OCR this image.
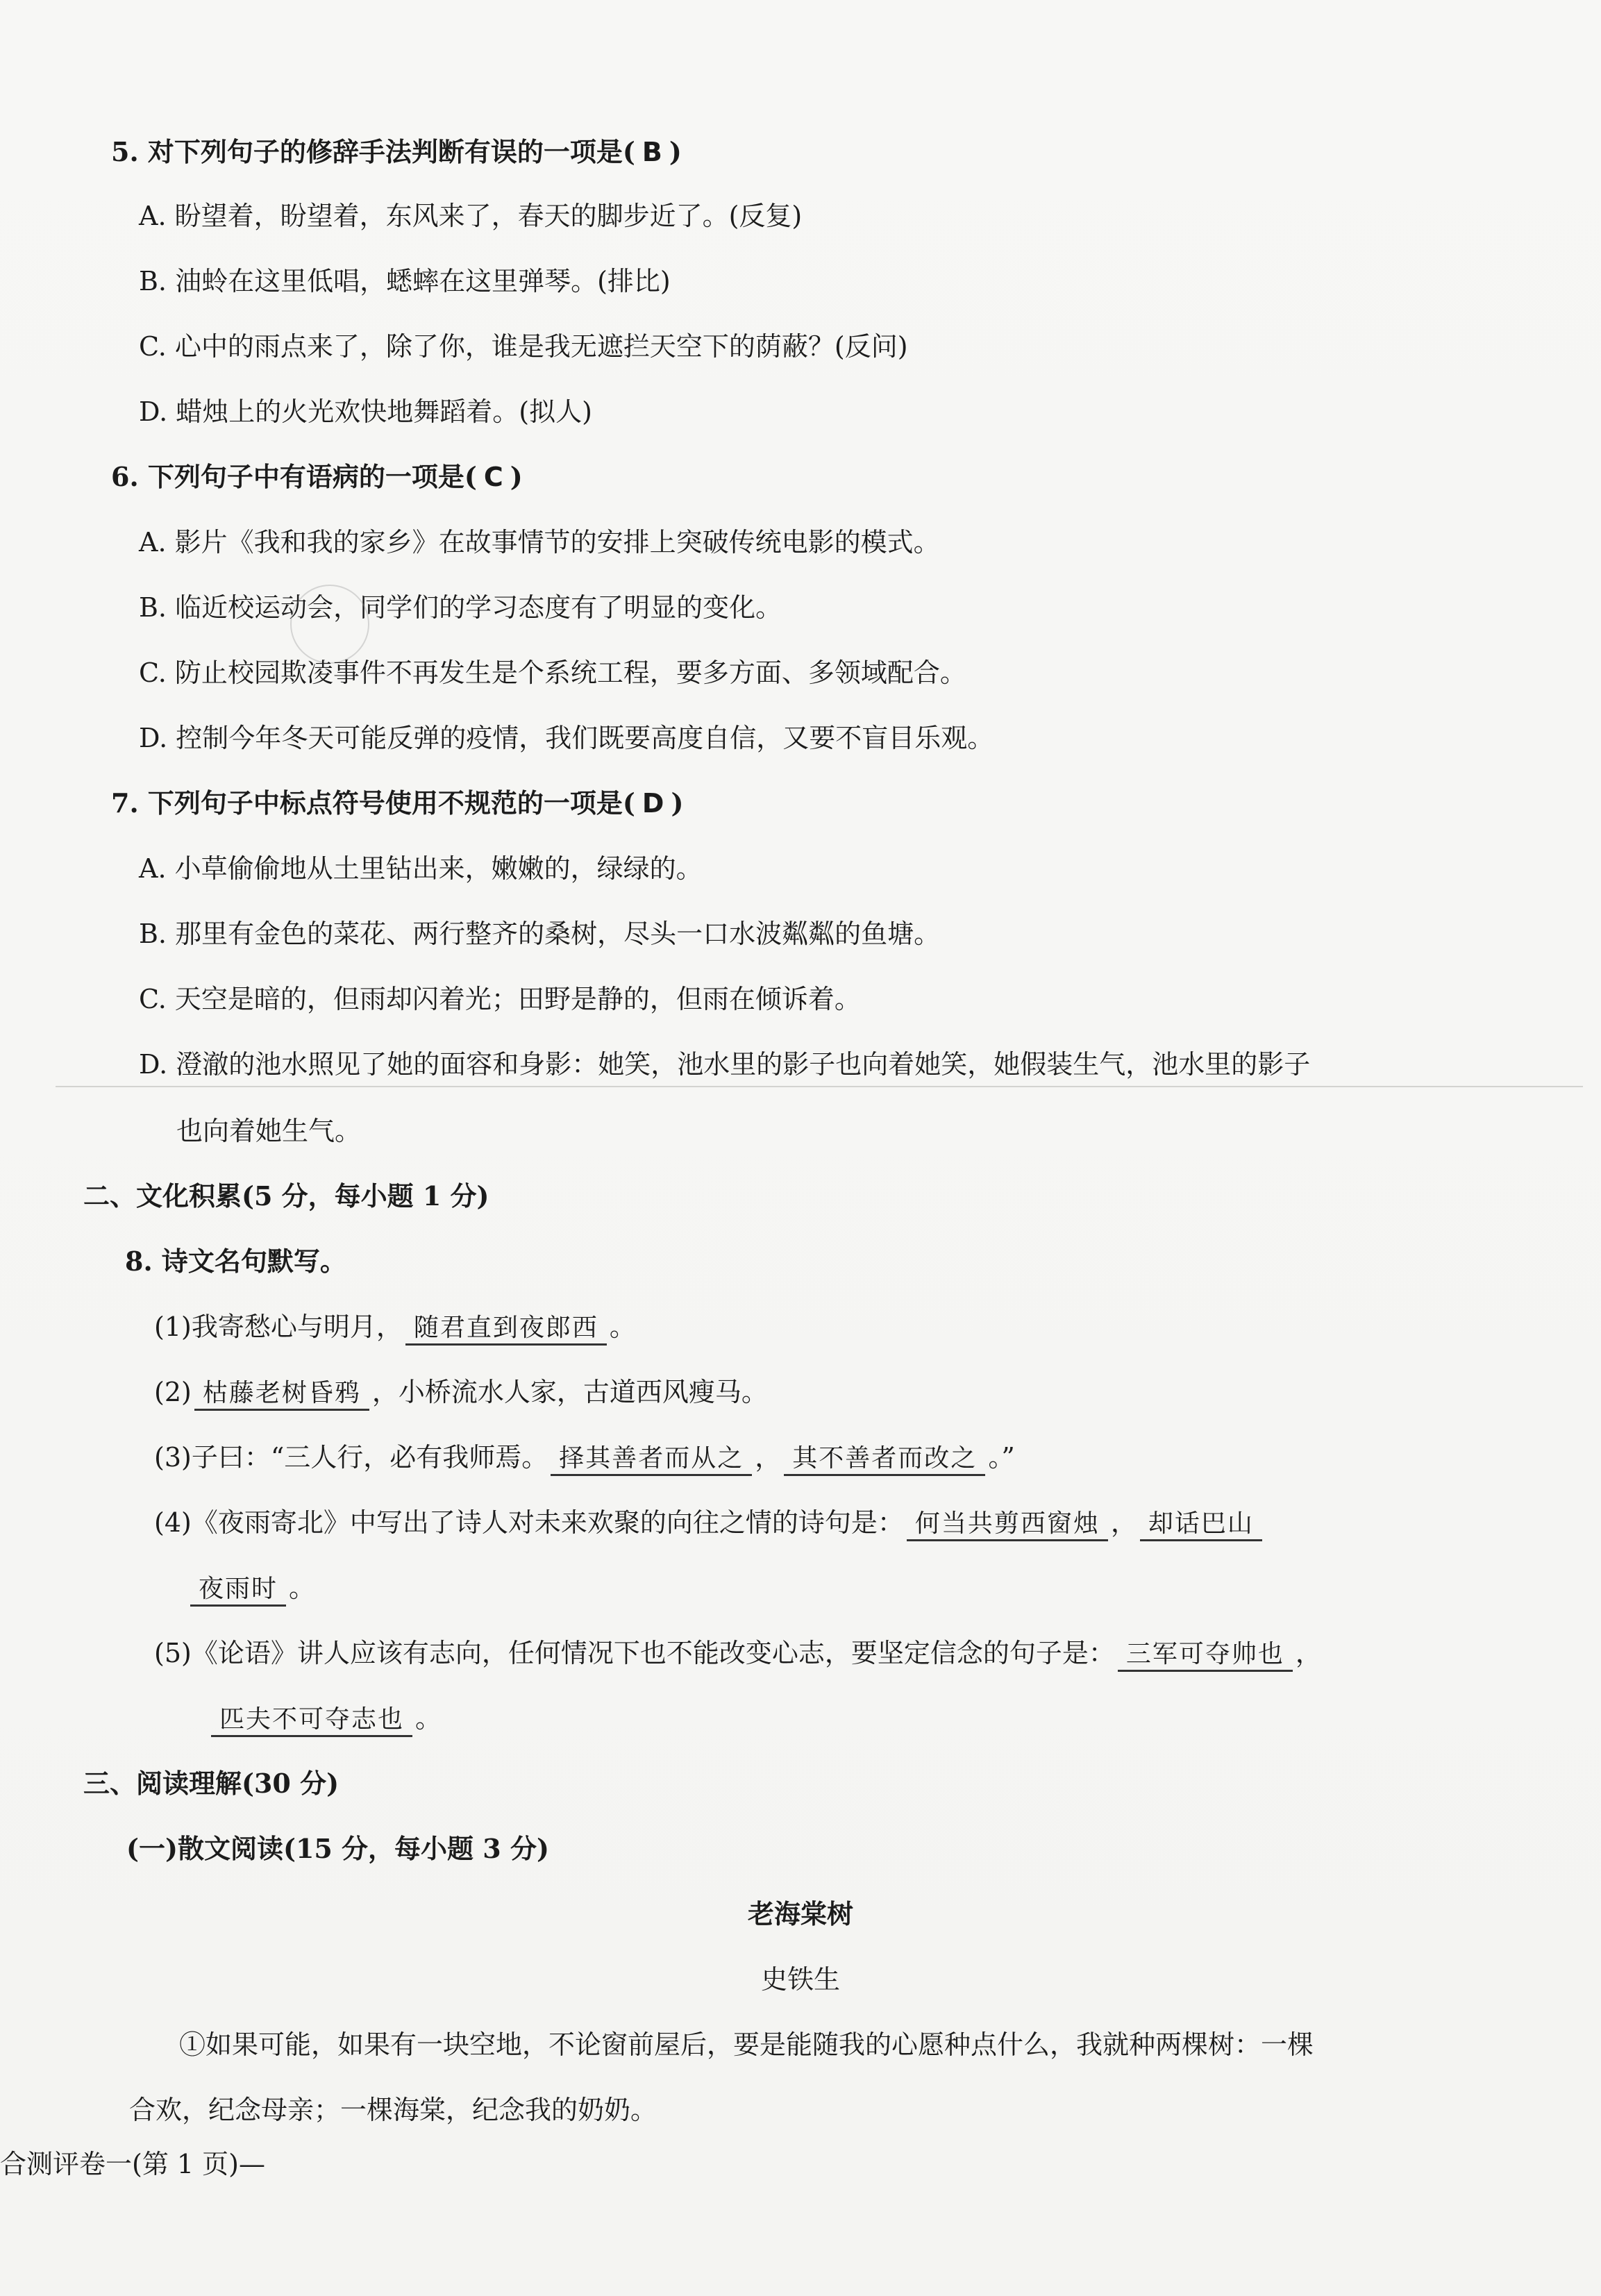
5. 对下列句子的修辞手法判断有误的一项是( B )
A. 盼望着，盼望着，东风来了，春天的脚步近了。(反复)
B. 油蛉在这里低唱，蟋蟀在这里弹琴。(排比)
C. 心中的雨点来了，除了你，谁是我无遮拦天空下的荫蔽？(反问)
D. 蜡烛上的火光欢快地舞蹈着。(拟人)
6. 下列句子中有语病的一项是( C )
A. 影片《我和我的家乡》在故事情节的安排上突破传统电影的模式。
B. 临近校运动会，同学们的学习态度有了明显的变化。
C. 防止校园欺凌事件不再发生是个系统工程，要多方面、多领域配合。
D. 控制今年冬天可能反弹的疫情，我们既要高度自信，又要不盲目乐观。
7. 下列句子中标点符号使用不规范的一项是( D )
A. 小草偷偷地从土里钻出来，嫩嫩的，绿绿的。
B. 那里有金色的菜花、两行整齐的桑树，尽头一口水波粼粼的鱼塘。
C. 天空是暗的，但雨却闪着光；田野是静的，但雨在倾诉着。
D. 澄澈的池水照见了她的面容和身影：她笑，池水里的影子也向着她笑，她假装生气，池水里的影子
也向着她生气。
二、文化积累(5 分，每小题 1 分)
8. 诗文名句默写。
(1)我寄愁心与明月， 随君直到夜郎西 。
(2) 枯藤老树昏鸦 ，小桥流水人家，古道西风瘦马。
(3)子曰：“三人行，必有我师焉。 择其善者而从之 ， 其不善者而改之 。”
(4)《夜雨寄北》中写出了诗人对未来欢聚的向往之情的诗句是： 何当共剪西窗烛 ， 却话巴山
夜雨时 。
(5)《论语》讲人应该有志向，任何情况下也不能改变心志，要坚定信念的句子是： 三军可夺帅也 ，
匹夫不可夺志也 。
三、阅读理解(30 分)
(一)散文阅读(15 分，每小题 3 分)
老海棠树
史铁生
①如果可能，如果有一块空地，不论窗前屋后，要是能随我的心愿种点什么，我就种两棵树：一棵
合欢，纪念母亲；一棵海棠，纪念我的奶奶。
合测评卷一(第 1 页)—
